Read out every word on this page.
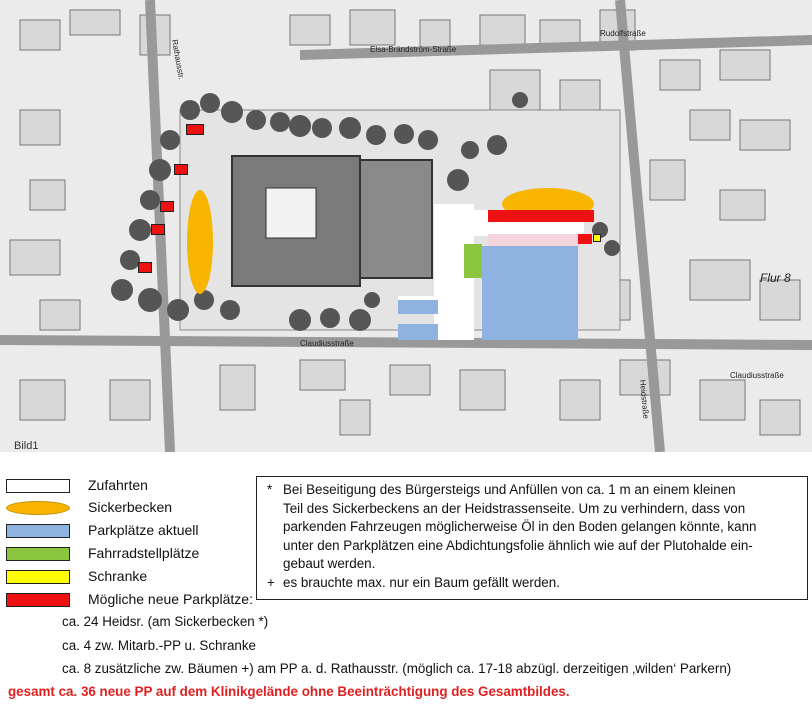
Elsa-Brändström-Straße
Rudolfstraße
Claudiusstraße
Claudiusstraße
Rathausstr.
Heidstraße
Flur 8
Bild1
Zufahrten
Sickerbecken
Parkplätze aktuell
Fahrradstellplätze
Schranke
Mögliche neue Parkplätze:
* Bei Beseitigung des Bürgersteigs und Anfüllen von ca. 1 m an einem kleinen
Teil des Sickerbeckens an der Heidstrassenseite. Um zu verhindern, dass von
parkenden Fahrzeugen möglicherweise Öl in den Boden gelangen könnte, kann
unter den Parkplätzen eine Abdichtungsfolie ähnlich wie auf der Plutohalde ein-
gebaut werden.
+ es brauchte max. nur ein Baum gefällt werden.
ca. 24 Heidsr. (am Sickerbecken *)
ca. 4 zw. Mitarb.-PP u. Schranke
ca. 8 zusätzliche zw. Bäumen +) am PP a. d. Rathausstr. (möglich ca. 17-18 abzügl. derzeitigen ‚wilden‘ Parkern)
gesamt ca. 36 neue PP auf dem Klinikgelände ohne Beeinträchtigung des Gesamtbildes.
